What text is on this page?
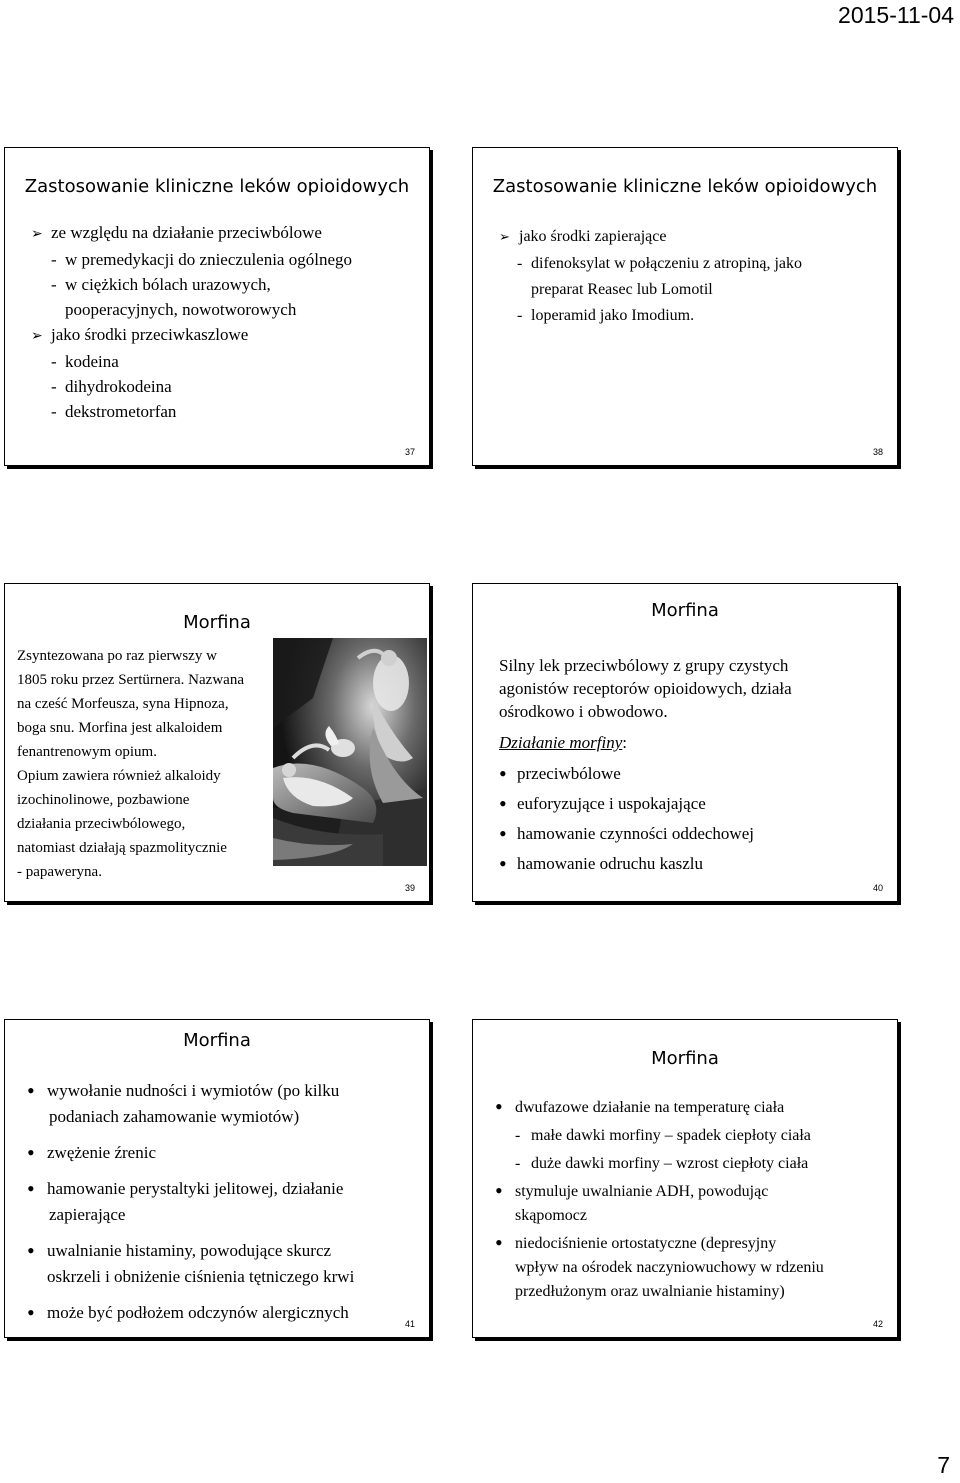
2015-11-04
Zastosowanie kliniczne leków opioidowych
➢ ze względu na działanie przeciwbólowe
- w premedykacji do znieczulenia ogólnego
- w ciężkich bólach urazowych,
pooperacyjnych, nowotworowych
➢ jako środki przeciwkaszlowe
- kodeina
- dihydrokodeina
- dekstrometorfan
37
Zastosowanie kliniczne leków opioidowych
➢ jako środki zapierające
- difenoksylat w połączeniu z atropiną, jako
preparat Reasec lub Lomotil
- loperamid jako Imodium.
38
Morfina
Zsyntezowana po raz pierwszy w
1805 roku przez Sertürnera. Nazwana
na cześć Morfeusza, syna Hipnoza,
boga snu. Morfina jest alkaloidem
fenantrenowym opium.
Opium zawiera również alkaloidy
izochinolinowe, pozbawione
działania przeciwbólowego,
natomiast działają spazmolitycznie
- papaweryna.
39
Morfina
Silny lek przeciwbólowy z grupy czystych
agonistów receptorów opioidowych, działa
ośrodkowo i obwodowo.
Działanie morfiny:
• przeciwbólowe
• euforyzujące i uspokajające
• hamowanie czynności oddechowej
• hamowanie odruchu kaszlu
40
Morfina
• wywołanie nudności i wymiotów (po kilku
podaniach zahamowanie wymiotów)
• zwężenie źrenic
• hamowanie perystaltyki jelitowej, działanie
zapierające
• uwalnianie histaminy, powodujące skurcz
oskrzeli i obniżenie ciśnienia tętniczego krwi
• może być podłożem odczynów alergicznych
41
Morfina
• dwufazowe działanie na temperaturę ciała
- małe dawki morfiny – spadek ciepłoty ciała
- duże dawki morfiny – wzrost ciepłoty ciała
• stymuluje uwalnianie ADH, powodując
skąpomocz
• niedociśnienie ortostatyczne (depresyjny
wpływ na ośrodek naczyniowuchowy w rdzeniu
przedłużonym oraz uwalnianie histaminy)
42
7
